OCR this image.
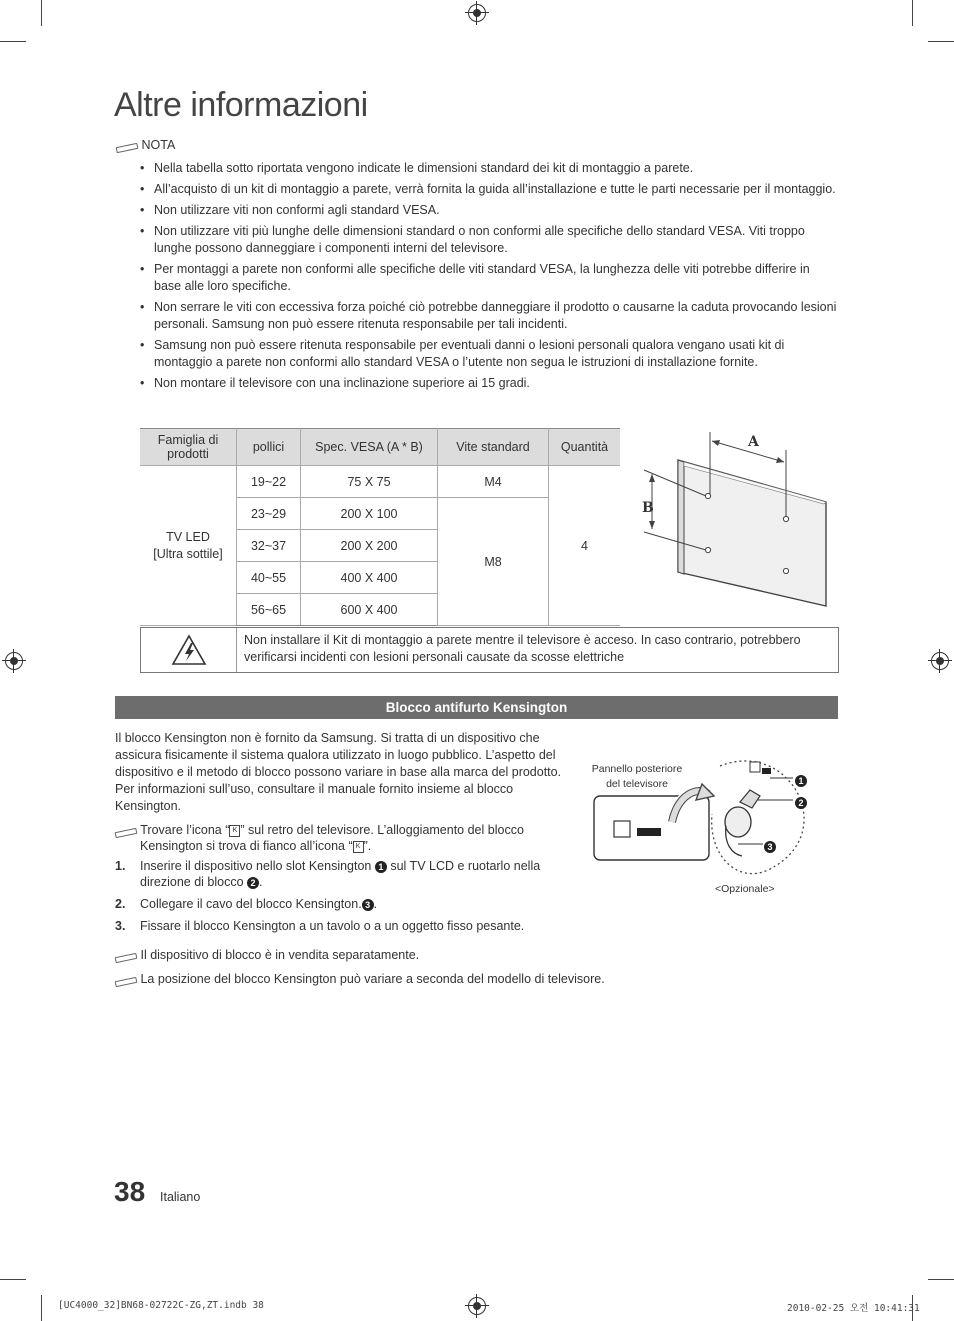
Altre informazioni
NOTA
• Nella tabella sotto riportata vengono indicate le dimensioni standard dei kit di montaggio a parete.
• All’acquisto di un kit di montaggio a parete, verrà fornita la guida all’installazione e tutte le parti necessarie per il montaggio.
• Non utilizzare viti non conformi agli standard VESA.
• Non utilizzare viti più lunghe delle dimensioni standard o non conformi alle specifiche dello standard VESA. Viti troppo lunghe possono danneggiare i componenti interni del televisore.
• Per montaggi a parete non conformi alle specifiche delle viti standard VESA, la lunghezza delle viti potrebbe differire in base alle loro specifiche.
• Non serrare le viti con eccessiva forza poiché ciò potrebbe danneggiare il prodotto o causarne la caduta provocando lesioni personali. Samsung non può essere ritenuta responsabile per tali incidenti.
• Samsung non può essere ritenuta responsabile per eventuali danni o lesioni personali qualora vengano usati kit di montaggio a parete non conformi allo standard VESA o l’utente non segua le istruzioni di installazione fornite.
• Non montare il televisore con una inclinazione superiore ai 15 gradi.
Famiglia di prodotti	pollici	Spec. VESA (A * B)	Vite standard	Quantità

TV LED
[Ultra sottile]	19~22	75 X 75	M4	4
	23~29	200 X 100	M8	
	32~37	200 X 200		
	40~55	400 X 400		
	56~65	600 X 400		
A
B
Non installare il Kit di montaggio a parete mentre il televisore è acceso. In caso contrario, potrebbero verificarsi incidenti con lesioni personali causate da scosse elettriche
Blocco antifurto Kensington
Il blocco Kensington non è fornito da Samsung. Si tratta di un dispositivo che assicura fisicamente il sistema qualora utilizzato in luogo pubblico. L’aspetto del dispositivo e il metodo di blocco possono variare in base alla marca del prodotto. Per informazioni sull’uso, consultare il manuale fornito insieme al blocco Kensington.
Trovare l’icona “ K ” sul retro del televisore. L’alloggiamento del blocco
Kensington si trova di fianco all’icona “ K ”.
1. Inserire il dispositivo nello slot Kensington 1 sul TV LCD e ruotarlo nella
direzione di blocco 2 .
2. Collegare il cavo del blocco Kensington. 3 .
3. Fissare il blocco Kensington a un tavolo o a un oggetto fisso pesante.
Il dispositivo di blocco è in vendita separatamente.
La posizione del blocco Kensington può variare a seconda del modello di televisore.
Pannello posteriore
del televisore	1
2
3
<Opzionale>
38 Italiano
[UC4000_32]BN68-02722C-ZG,ZT.indb 38	2010-02-25 오전 10:41:31
